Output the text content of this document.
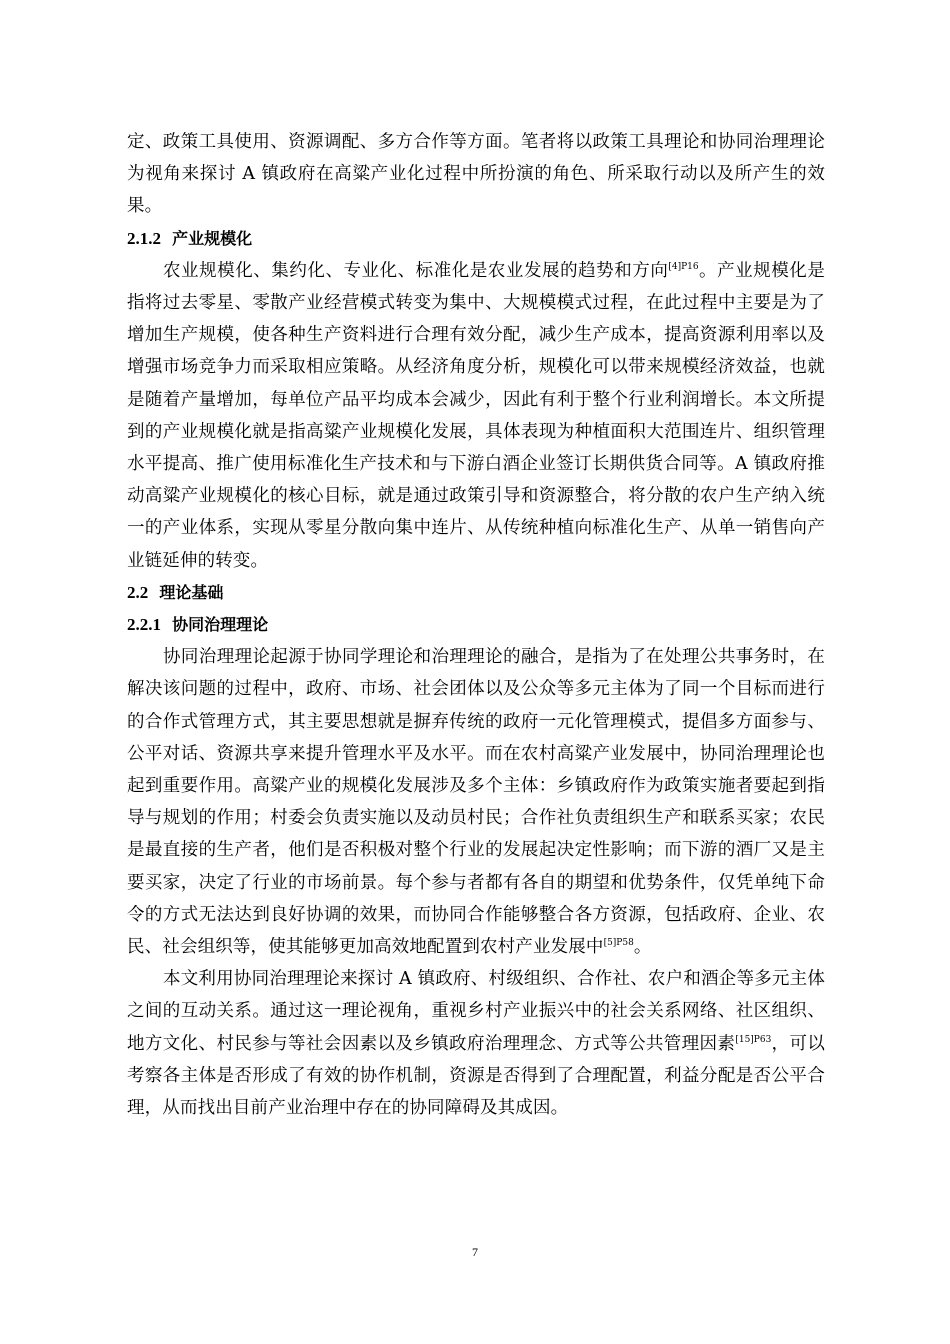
定、政策工具使用、资源调配、多方合作等方面。笔者将以政策工具理论和协同治理理论为视角来探讨 A 镇政府在高粱产业化过程中所扮演的角色、所采取行动以及所产生的效果。

2.1.2 产业规模化

农业规模化、集约化、专业化、标准化是农业发展的趋势和方向$^{[4]P16}$。产业规模化是指将过去零星、零散产业经营模式转变为集中、大规模模式过程，在此过程中主要是为了增加生产规模，使各种生产资料进行合理有效分配，减少生产成本，提高资源利用率以及增强市场竞争力而采取相应策略。从经济角度分析，规模化可以带来规模经济效益，也就是随着产量增加，每单位产品平均成本会减少，因此有利于整个行业利润增长。本文所提到的产业规模化就是指高粱产业规模化发展，具体表现为种植面积大范围连片、组织管理水平提高、推广使用标准化生产技术和与下游白酒企业签订长期供货合同等。A 镇政府推动高粱产业规模化的核心目标，就是通过政策引导和资源整合，将分散的农户生产纳入统一的产业体系，实现从零星分散向集中连片、从传统种植向标准化生产、从单一销售向产业链延伸的转变。

2.2 理论基础
2.2.1 协同治理理论

协同治理理论起源于协同学理论和治理理论的融合，是指为了在处理公共事务时，在解决该问题的过程中，政府、市场、社会团体以及公众等多元主体为了同一个目标而进行的合作式管理方式，其主要思想就是摒弃传统的政府一元化管理模式，提倡多方面参与、公平对话、资源共享来提升管理水平及水平。而在农村高粱产业发展中，协同治理理论也起到重要作用。高粱产业的规模化发展涉及多个主体：乡镇政府作为政策实施者要起到指导与规划的作用；村委会负责实施以及动员村民；合作社负责组织生产和联系买家；农民是最直接的生产者，他们是否积极对整个行业的发展起决定性影响；而下游的酒厂又是主要买家，决定了行业的市场前景。每个参与者都有各自的期望和优势条件，仅凭单纯下命令的方式无法达到良好协调的效果，而协同合作能够整合各方资源，包括政府、企业、农民、社会组织等，使其能够更加高效地配置到农村产业发展中$^{[5]P58}$。

本文利用协同治理理论来探讨 A 镇政府、村级组织、合作社、农户和酒企等多元主体之间的互动关系。通过这一理论视角，重视乡村产业振兴中的社会关系网络、社区组织、地方文化、村民参与等社会因素以及乡镇政府治理理念、方式等公共管理因素$^{[15]P63}$，可以考察各主体是否形成了有效的协作机制，资源是否得到了合理配置，利益分配是否公平合理，从而找出目前产业治理中存在的协同障碍及其成因。

7
